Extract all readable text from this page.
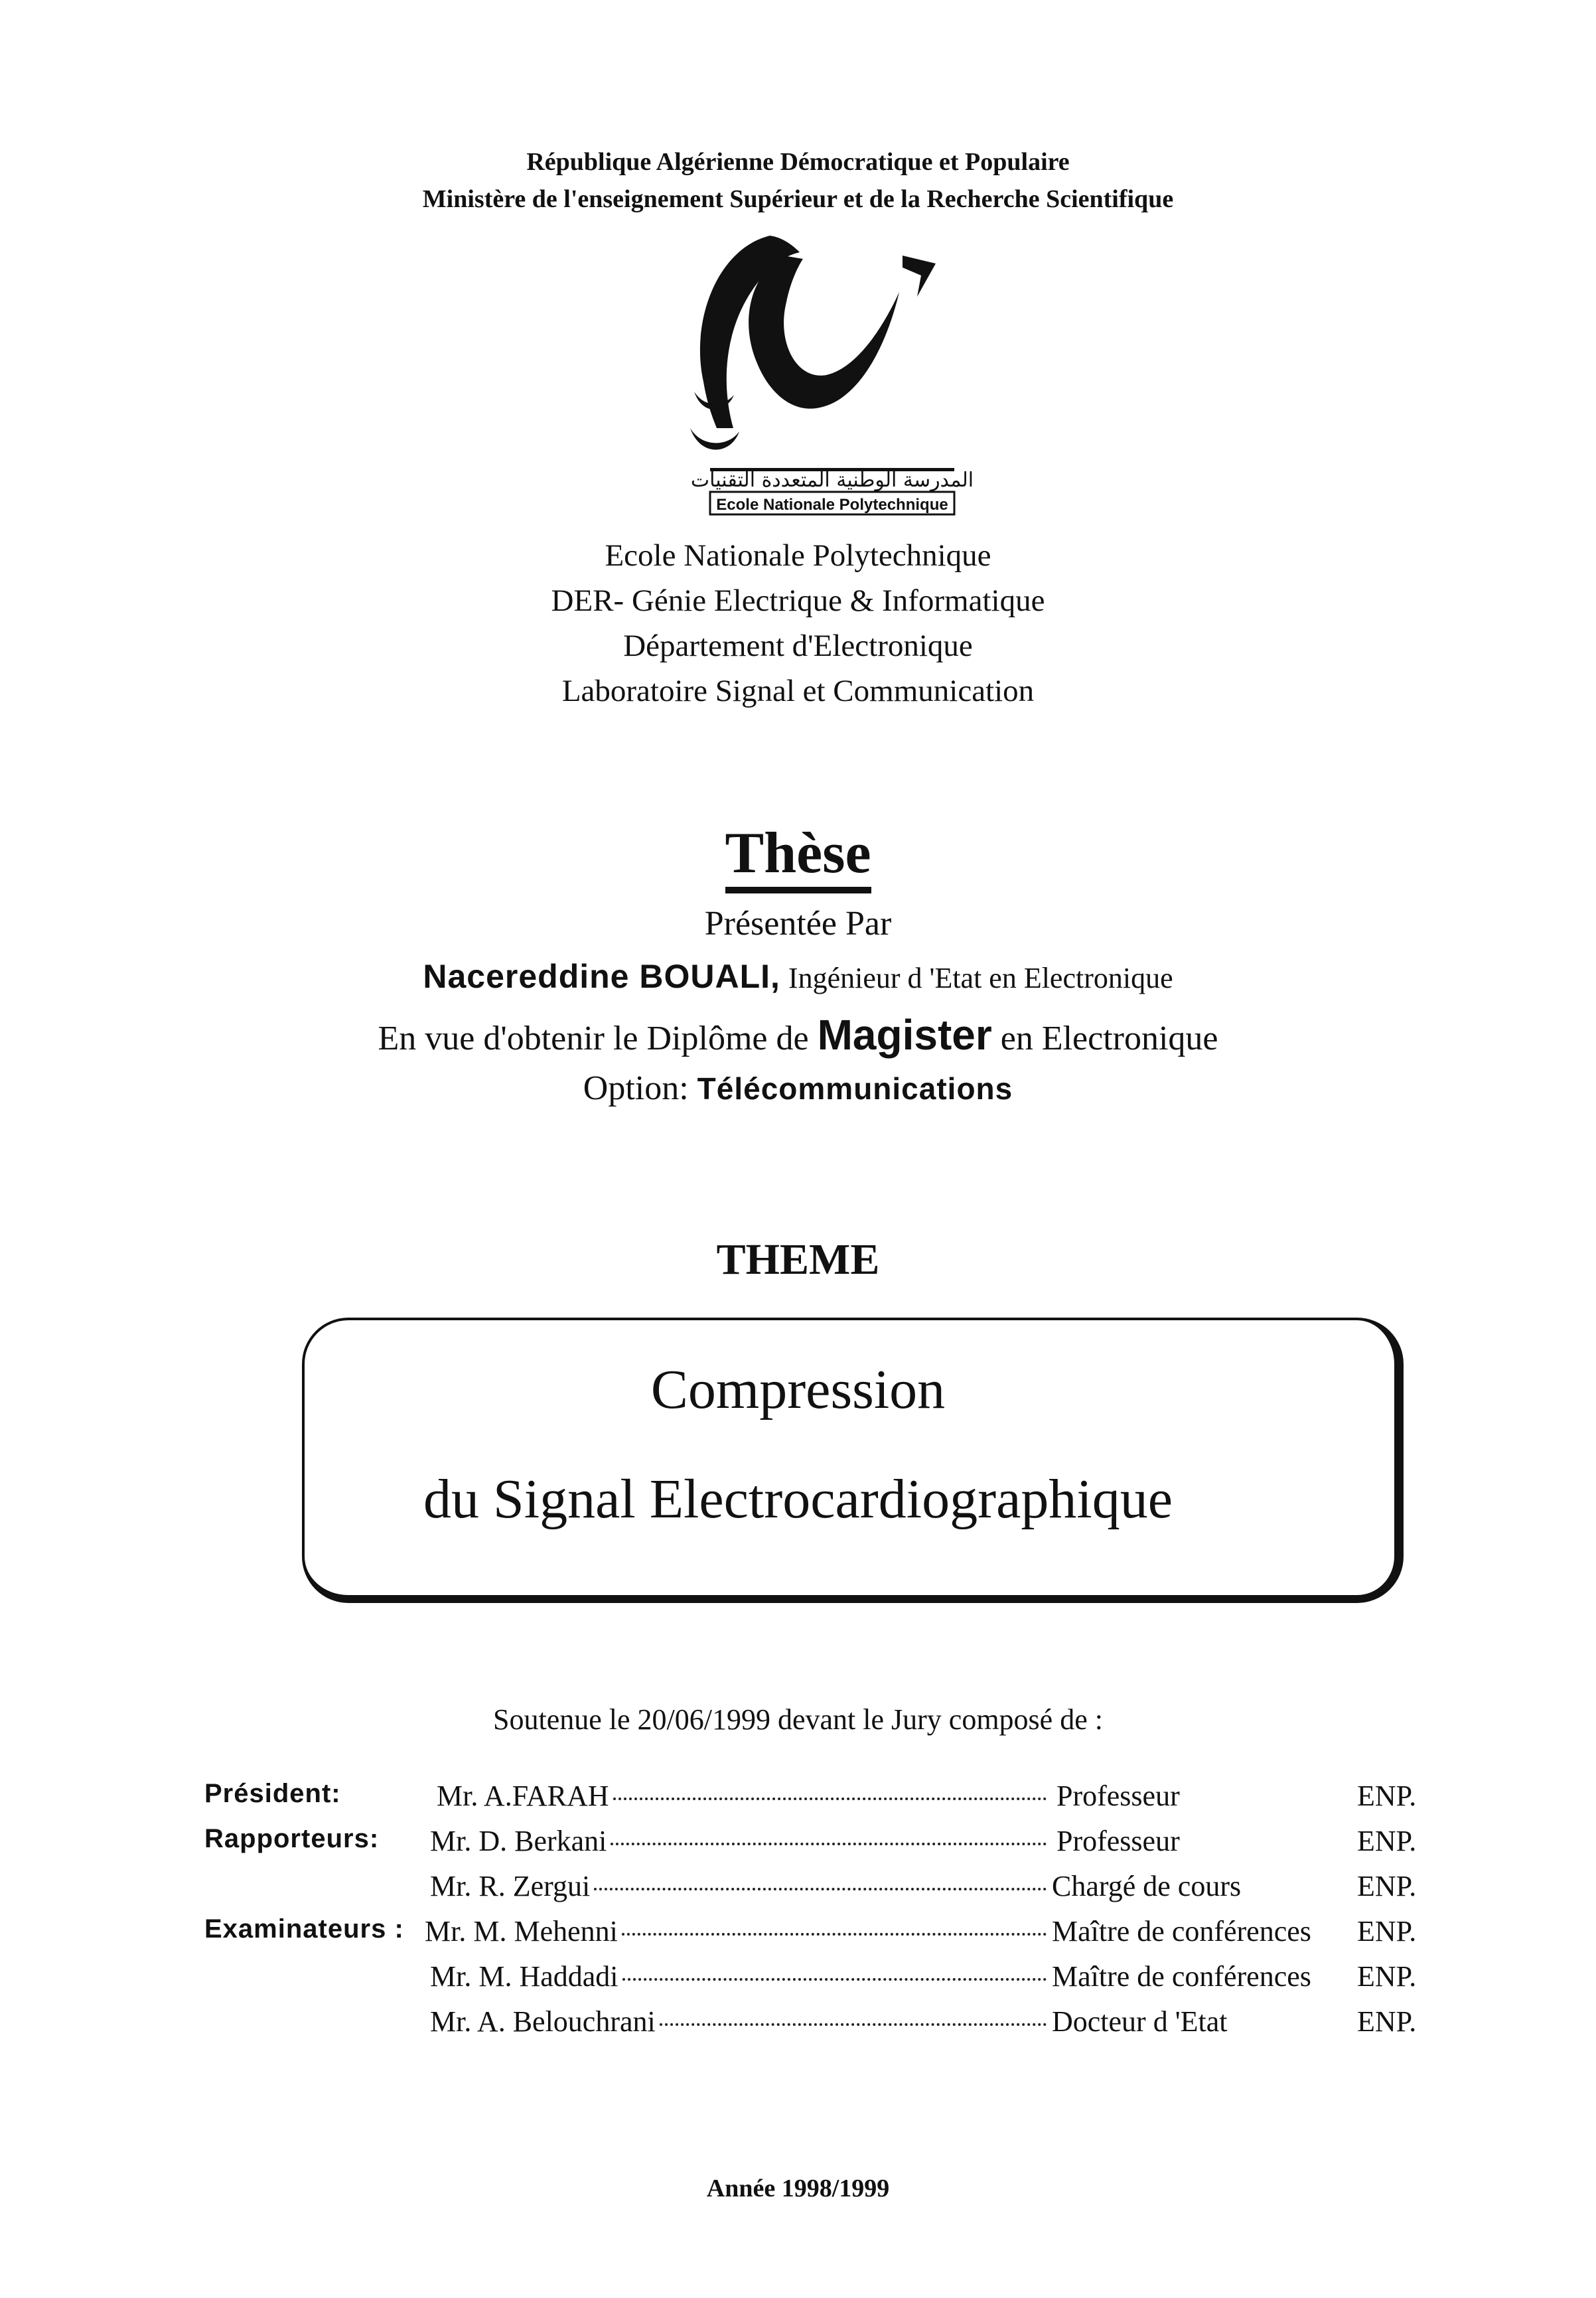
République Algérienne Démocratique et Populaire
Ministère de l'enseignement Supérieur et de la Recherche Scientifique
المدرسة الوطنية المتعددة التقنيات
Ecole Nationale Polytechnique
Ecole Nationale Polytechnique
DER- Génie Electrique & Informatique
Département d'Electronique
Laboratoire Signal et Communication
Thèse
Présentée Par
Nacereddine BOUALI, Ingénieur d 'Etat en Electronique
En vue d'obtenir le Diplôme de Magister en Electronique
Option: Télécommunications
THEME
Compression
du Signal Electrocardiographique
Soutenue le 20/06/1999 devant le Jury composé de :
Président:	Mr. A.FARAH	Professeur	ENP.
Rapporteurs: Mr. D. Berkani	Professeur	ENP.
Mr. R. Zergui	Chargé de cours	ENP.
Examinateurs : Mr. M. Mehenni	Maître de conférences ENP.
Mr. M. Haddadi	Maître de conférences ENP.
Mr. A. Belouchrani	Docteur d 'Etat	ENP.
Année 1998/1999
